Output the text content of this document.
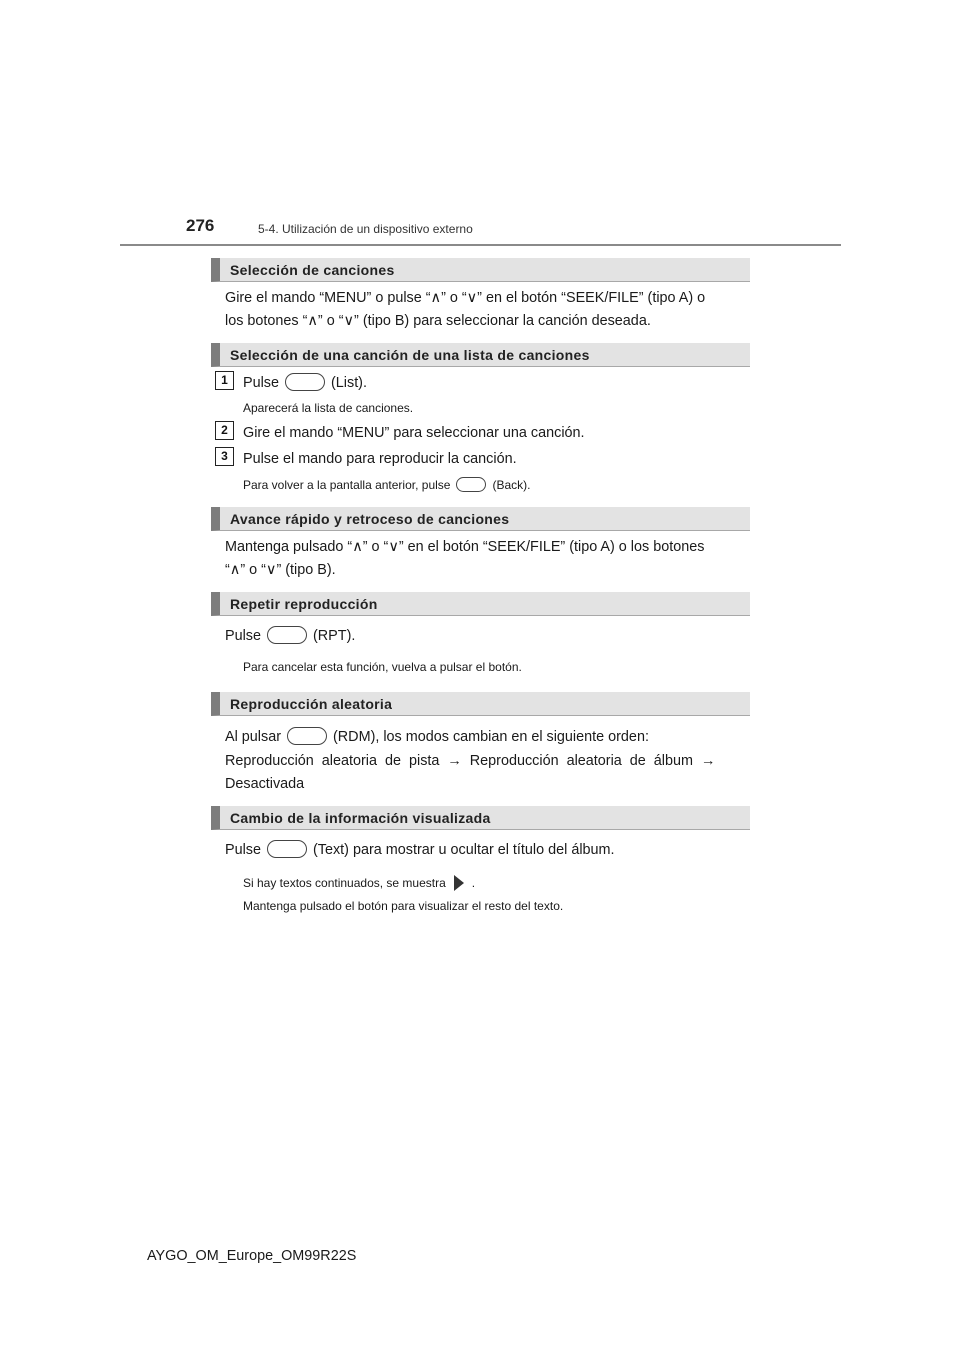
276	5-4. Utilización de un dispositivo externo
Selección de canciones
Gire el mando “MENU” o pulse “∧” o “∨” en el botón “SEEK/FILE” (tipo A) o
los botones “∧” o “∨” (tipo B) para seleccionar la canción deseada.
Selección de una canción de una lista de canciones
1	Pulse	(List).
Aparecerá la lista de canciones.
2	Gire el mando “MENU” para seleccionar una canción.
3	Pulse el mando para reproducir la canción.
Para volver a la pantalla anterior, pulse	(Back).
Avance rápido y retroceso de canciones
Mantenga pulsado “∧” o “∨” en el botón “SEEK/FILE” (tipo A) o los botones
“∧” o “∨” (tipo B).
Repetir reproducción
Pulse	(RPT).
Para cancelar esta función, vuelva a pulsar el botón.
Reproducción aleatoria
Al pulsar	(RDM), los modos cambian en el siguiente orden:
Reproducción  aleatoria  de  pista  →  Reproducción  aleatoria  de  álbum  →
Desactivada
Cambio de la información visualizada
Pulse	(Text) para mostrar u ocultar el título del álbum.
Si hay textos continuados, se muestra .
Mantenga pulsado el botón para visualizar el resto del texto.
AYGO_OM_Europe_OM99R22S
